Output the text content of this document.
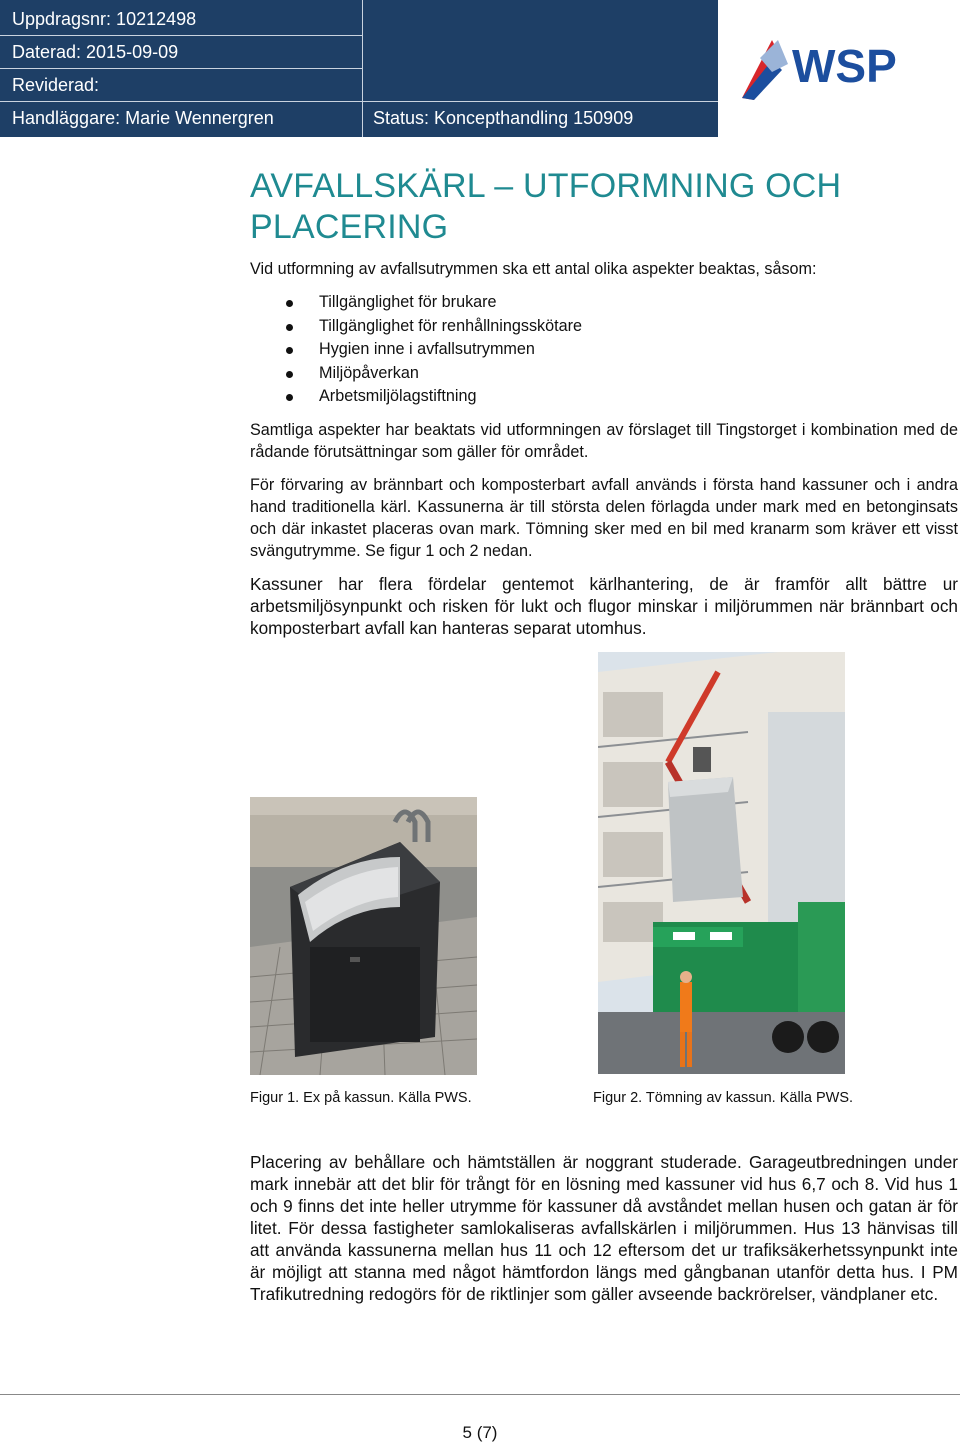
Uppdragsnr: 10212498
Daterad: 2015-09-09
Reviderad:
Handläggare: Marie Wennergren	Status: Koncepthandling 150909
WSP
AVFALLSKÄRL – UTFORMNING OCH PLACERING
Vid utformning av avfallsutrymmen ska ett antal olika aspekter beaktas, såsom:
Tillgänglighet för brukare
Tillgänglighet för renhållningsskötare
Hygien inne i avfallsutrymmen
Miljöpåverkan
Arbetsmiljölagstiftning
Samtliga aspekter har beaktats vid utformningen av förslaget till Tingstorget i kombination med de rådande förutsättningar som gäller för området.
För förvaring av brännbart och komposterbart avfall används i första hand kassuner och i andra hand traditionella kärl. Kassunerna är till största delen förlagda under mark med en betonginsats och där inkastet placeras ovan mark. Tömning sker med en bil med kranarm som kräver ett visst svängutrymme. Se figur 1 och 2 nedan.
Kassuner har flera fördelar gentemot kärlhantering, de är framför allt bättre ur arbetsmiljösynpunkt och risken för lukt och flugor minskar i miljörummen när brännbart och komposterbart avfall kan hanteras separat utomhus.
Figur 1. Ex på kassun. Källa PWS.	Figur 2. Tömning av kassun. Källa PWS.
Placering av behållare och hämtställen är noggrant studerade. Garageutbredningen under mark innebär att det blir för trångt för en lösning med kassuner vid hus 6,7 och 8. Vid hus 1 och 9 finns det inte heller utrymme för kassuner då avståndet mellan husen och gatan är för litet. För dessa fastigheter samlokaliseras avfallskärlen i miljörummen. Hus 13 hänvisas till att använda kassunerna mellan hus 11 och 12 eftersom det ur trafiksäkerhetssynpunkt inte är möjligt att stanna med något hämtfordon längs med gångbanan utanför detta hus. I PM Trafikutredning redogörs för de riktlinjer som gäller avseende backrörelser, vändplaner etc.
5 (7)
